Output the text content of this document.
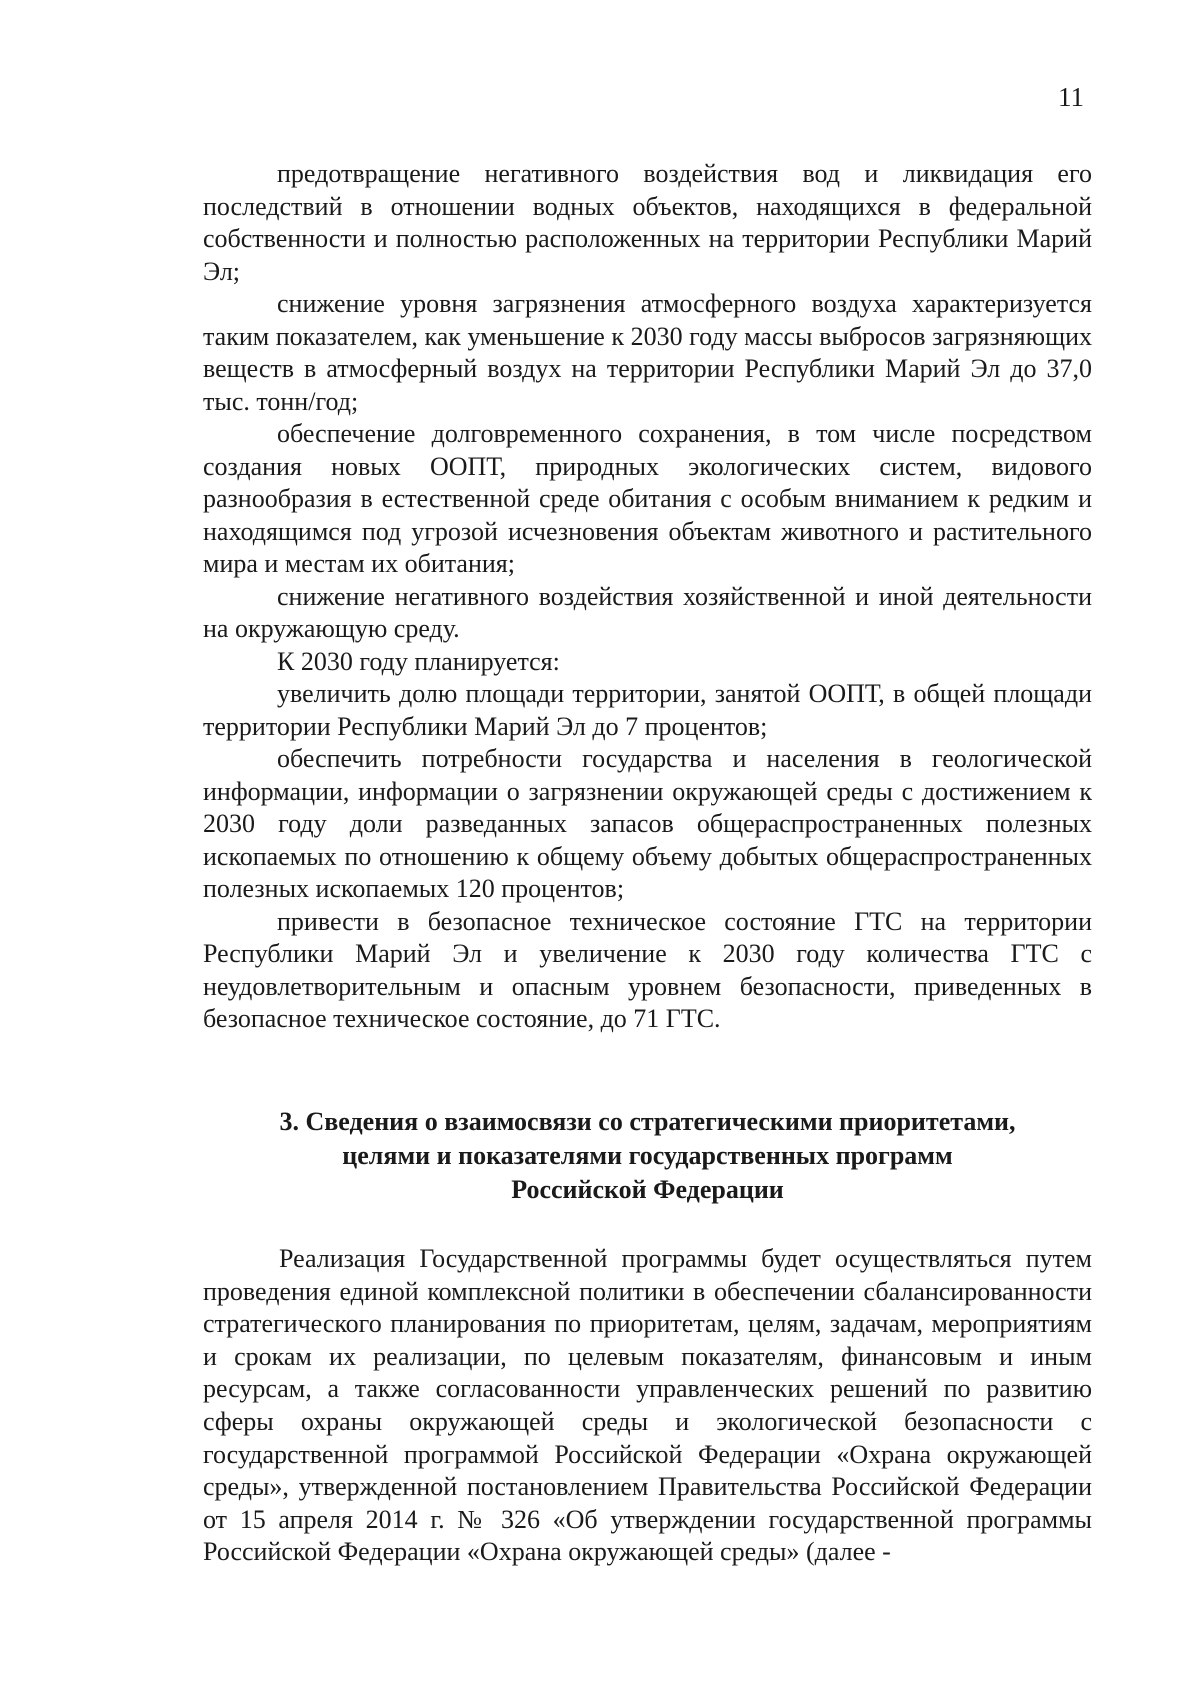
11

предотвращение негативного воздействия вод и ликвидация его последствий в отношении водных объектов, находящихся в федеральной собственности и полностью расположенных на территории Республики Марий Эл;

снижение уровня загрязнения атмосферного воздуха характеризуется таким показателем, как уменьшение к 2030 году массы выбросов загрязняющих веществ в атмосферный воздух на территории Республики Марий Эл до 37,0 тыс. тонн/год;

обеспечение долговременного сохранения, в том числе посредством создания новых ООПТ, природных экологических систем, видового разнообразия в естественной среде обитания с особым вниманием к редким и находящимся под угрозой исчезновения объектам животного и растительного мира и местам их обитания;

снижение негативного воздействия хозяйственной и иной деятельности на окружающую среду.

К 2030 году планируется:

увеличить долю площади территории, занятой ООПТ, в общей площади территории Республики Марий Эл до 7 процентов;

обеспечить потребности государства и населения в геологической информации, информации о загрязнении окружающей среды с достижением к 2030 году доли разведанных запасов общераспространенных полезных ископаемых по отношению к общему объему добытых общераспространенных полезных ископаемых 120 процентов;

привести в безопасное техническое состояние ГТС на территории Республики Марий Эл и увеличение к 2030 году количества ГТС с неудовлетворительным и опасным уровнем безопасности, приведенных в безопасное техническое состояние, до 71 ГТС.

3. Сведения о взаимосвязи со стратегическими приоритетами,
целями и показателями государственных программ
Российской Федерации

Реализация Государственной программы будет осуществляться путем проведения единой комплексной политики в обеспечении сбалансированности стратегического планирования по приоритетам, целям, задачам, мероприятиям и срокам их реализации, по целевым показателям, финансовым и иным ресурсам, а также согласованности управленческих решений по развитию сферы охраны окружающей среды и экологической безопасности с государственной программой Российской Федерации «Охрана окружающей среды», утвержденной постановлением Правительства Российской Федерации от 15 апреля 2014 г. № 326 «Об утверждении государственной программы Российской Федерации «Охрана окружающей среды» (далее -
